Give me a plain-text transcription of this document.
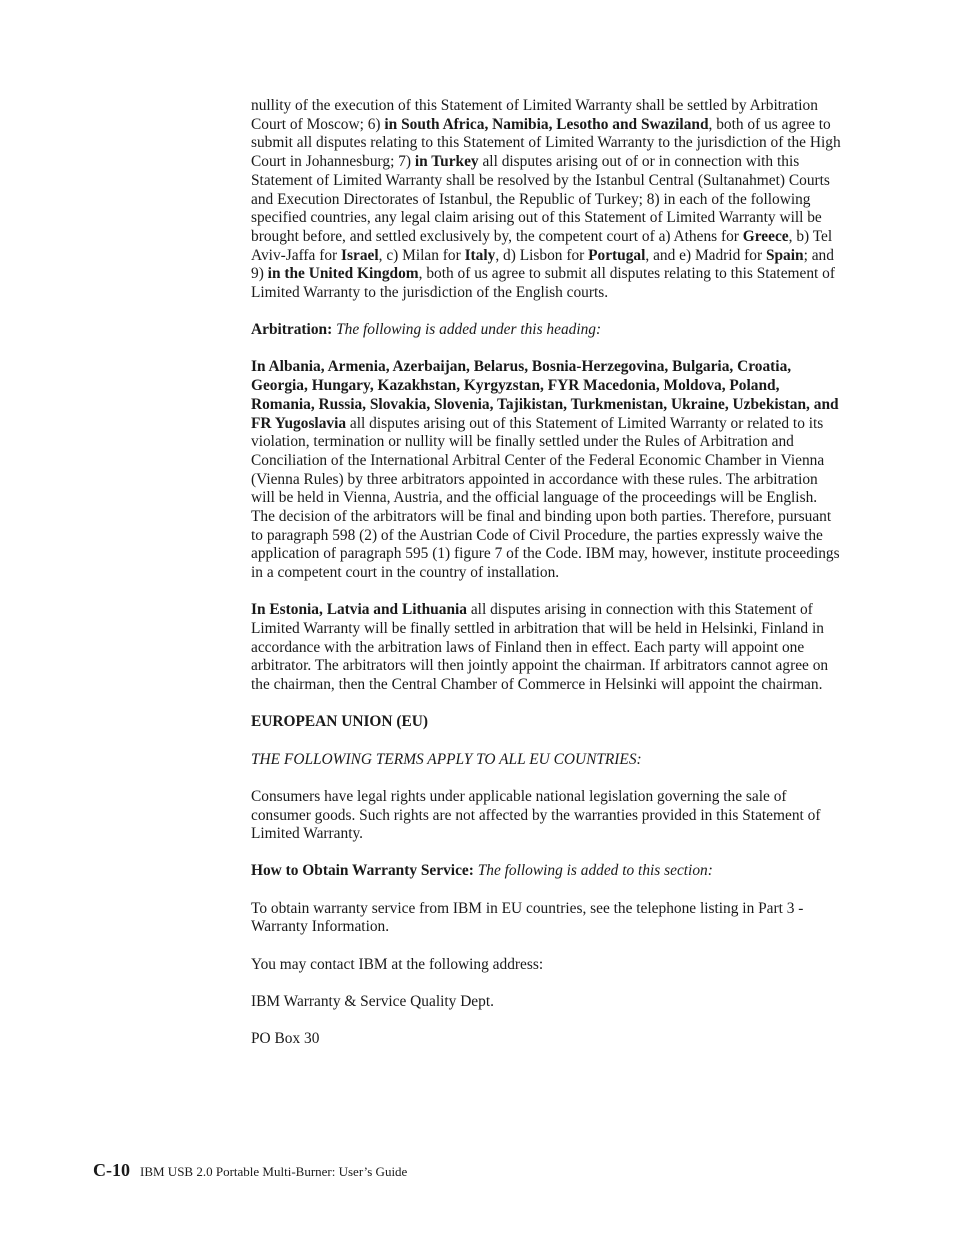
nullity of the execution of this Statement of Limited Warranty shall be settled by Arbitration Court of Moscow; 6) in South Africa, Namibia, Lesotho and Swaziland, both of us agree to submit all disputes relating to this Statement of Limited Warranty to the jurisdiction of the High Court in Johannesburg; 7) in Turkey all disputes arising out of or in connection with this Statement of Limited Warranty shall be resolved by the Istanbul Central (Sultanahmet) Courts and Execution Directorates of Istanbul, the Republic of Turkey; 8) in each of the following specified countries, any legal claim arising out of this Statement of Limited Warranty will be brought before, and settled exclusively by, the competent court of a) Athens for Greece, b) Tel Aviv-Jaffa for Israel, c) Milan for Italy, d) Lisbon for Portugal, and e) Madrid for Spain; and 9) in the United Kingdom, both of us agree to submit all disputes relating to this Statement of Limited Warranty to the jurisdiction of the English courts.

Arbitration: The following is added under this heading:

In Albania, Armenia, Azerbaijan, Belarus, Bosnia-Herzegovina, Bulgaria, Croatia, Georgia, Hungary, Kazakhstan, Kyrgyzstan, FYR Macedonia, Moldova, Poland, Romania, Russia, Slovakia, Slovenia, Tajikistan, Turkmenistan, Ukraine, Uzbekistan, and FR Yugoslavia all disputes arising out of this Statement of Limited Warranty or related to its violation, termination or nullity will be finally settled under the Rules of Arbitration and Conciliation of the International Arbitral Center of the Federal Economic Chamber in Vienna (Vienna Rules) by three arbitrators appointed in accordance with these rules. The arbitration will be held in Vienna, Austria, and the official language of the proceedings will be English. The decision of the arbitrators will be final and binding upon both parties. Therefore, pursuant to paragraph 598 (2) of the Austrian Code of Civil Procedure, the parties expressly waive the application of paragraph 595 (1) figure 7 of the Code. IBM may, however, institute proceedings in a competent court in the country of installation.

In Estonia, Latvia and Lithuania all disputes arising in connection with this Statement of Limited Warranty will be finally settled in arbitration that will be held in Helsinki, Finland in accordance with the arbitration laws of Finland then in effect. Each party will appoint one arbitrator. The arbitrators will then jointly appoint the chairman. If arbitrators cannot agree on the chairman, then the Central Chamber of Commerce in Helsinki will appoint the chairman.

EUROPEAN UNION (EU)

THE FOLLOWING TERMS APPLY TO ALL EU COUNTRIES:

Consumers have legal rights under applicable national legislation governing the sale of consumer goods. Such rights are not affected by the warranties provided in this Statement of Limited Warranty.

How to Obtain Warranty Service: The following is added to this section:

To obtain warranty service from IBM in EU countries, see the telephone listing in Part 3 - Warranty Information.

You may contact IBM at the following address:

IBM Warranty & Service Quality Dept.

PO Box 30

C-10 IBM USB 2.0 Portable Multi-Burner: User’s Guide
